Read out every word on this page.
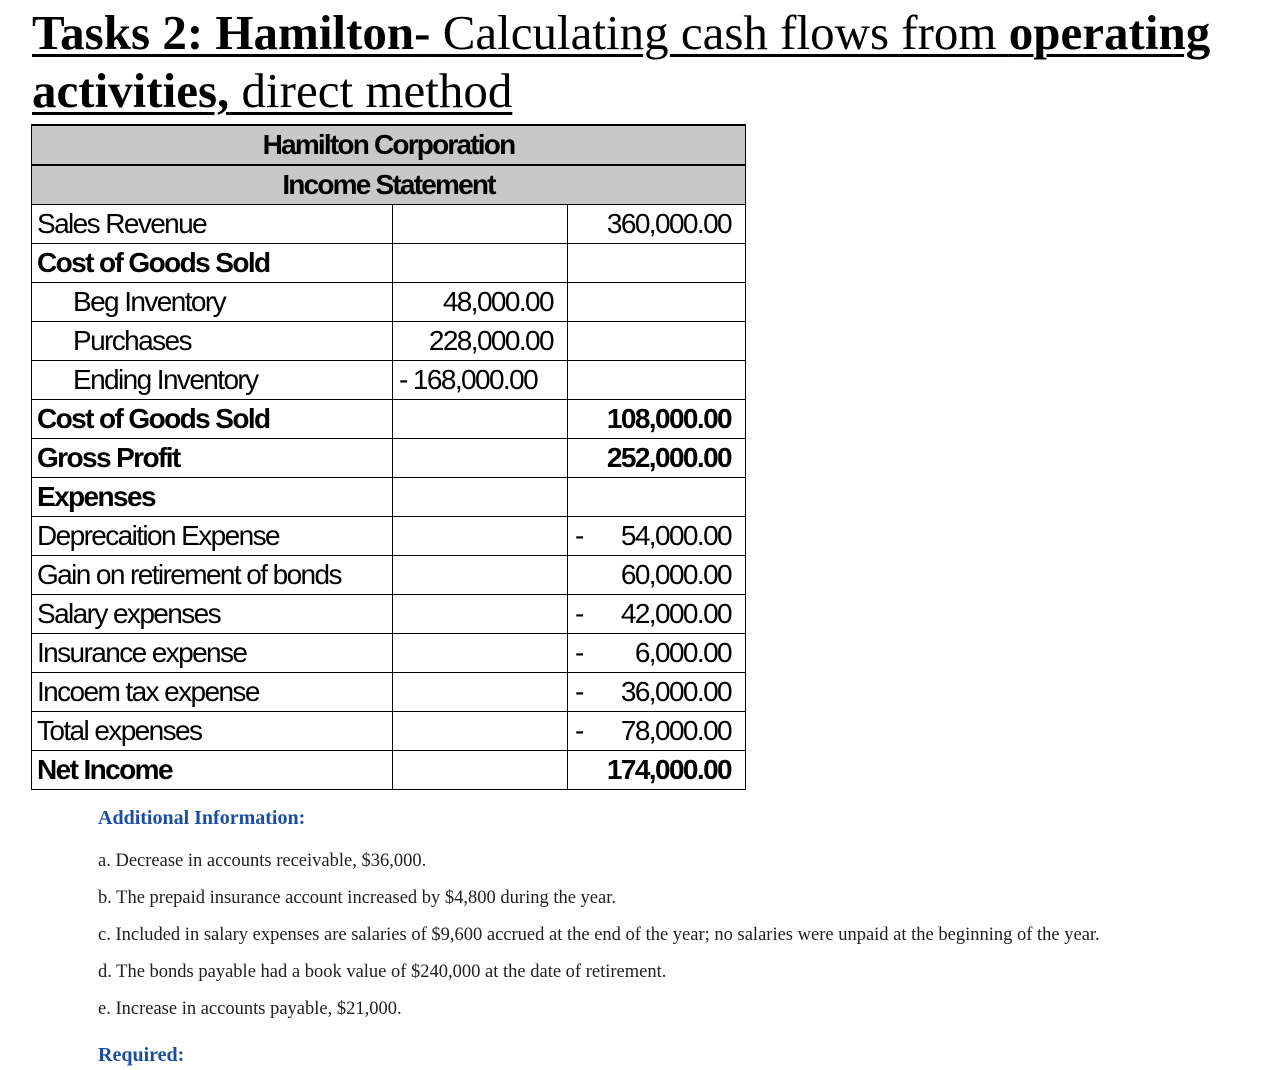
Tasks 2: Hamilton- Calculating cash flows from operating activities, direct method
Hamilton Corporation		
Income Statement		
Sales Revenue		360,000.00
Cost of Goods Sold		
Beg Inventory	48,000.00	
Purchases	228,000.00	
Ending Inventory	- 168,000.00	
Cost of Goods Sold		108,000.00
Gross Profit		252,000.00
Expenses		
Deprecaition Expense		- 54,000.00
Gain on retirement of bonds		60,000.00
Salary expenses		- 42,000.00
Insurance expense		- 6,000.00
Incoem tax expense		- 36,000.00
Total expenses		- 78,000.00
Net Income		174,000.00

Additional Information:

a. Decrease in accounts receivable, $36,000.

b. The prepaid insurance account increased by $4,800 during the year.

c. Included in salary expenses are salaries of $9,600 accrued at the end of the year; no salaries were unpaid at the beginning of the year.

d. The bonds payable had a book value of $240,000 at the date of retirement.

e. Increase in accounts payable, $21,000.

Required:
